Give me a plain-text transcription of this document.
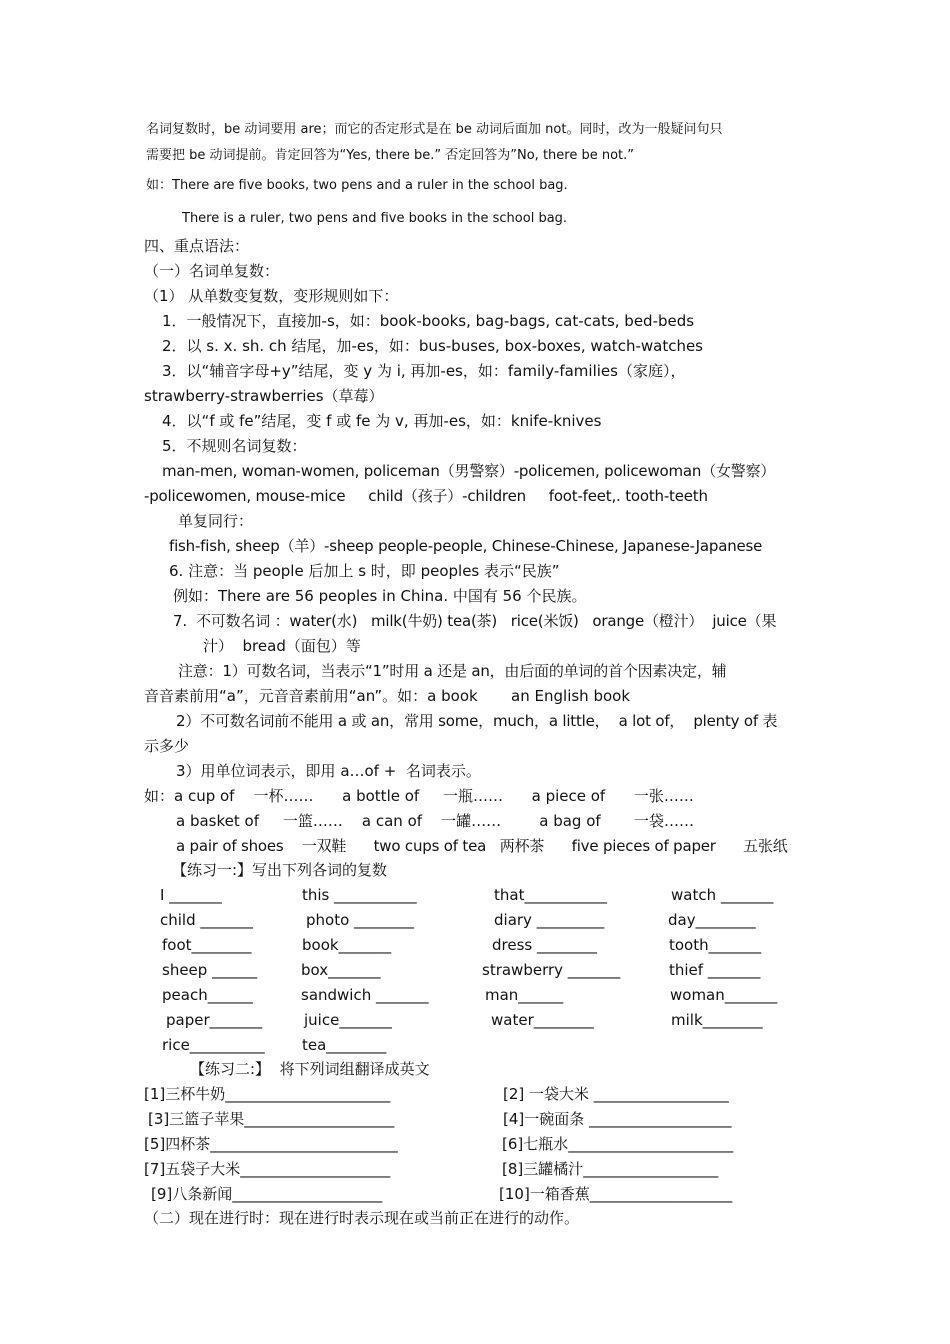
名词复数时，be 动词要用 are；而它的否定形式是在 be 动词后面加 not。同时，改为一般疑问句只
需要把 be 动词提前。肯定回答为“Yes, there be.” 否定回答为”No, there be not.”
如：There are five books, two pens and a ruler in the school bag.
There is a ruler, two pens and five books in the school bag.
四、重点语法：
（一）名词单复数：
（1） 从单数变复数，变形规则如下：
1．一般情况下，直接加-s，如：book-books, bag-bags, cat-cats, bed-beds
2．以 s. x. sh. ch 结尾，加-es，如：bus-buses, box-boxes, watch-watches
3．以“辅音字母+y”结尾，变 y 为 i, 再加-es，如：family-families（家庭），
strawberry-strawberries（草莓）
4．以“f 或 fe”结尾，变 f 或 fe 为 v, 再加-es，如：knife-knives
5．不规则名词复数：
man-men, woman-women, policeman（男警察）-policemen, policewoman（女警察）
-policewomen, mouse-mice     child（孩子）-children     foot-feet,. tooth-teeth
单复同行：
fish-fish, sheep（羊）-sheep people-people, Chinese-Chinese, Japanese-Japanese
6. 注意：当 people 后加上 s 时，即 peoples 表示“民族”
例如：There are 56 peoples in China. 中国有 56 个民族。
7.  不可数名词 ：water(水)   milk(牛奶) tea(茶)   rice(米饭)   orange（橙汁）  juice（果
汁）  bread（面包）等
注意：1）可数名词，当表示“1”时用 a 还是 an，由后面的单词的首个因素决定，辅
音音素前用“a”，元音音素前用“an”。如：a book       an English book
2）不可数名词前不能用 a 或 an，常用 some，much，a little，  a lot of，  plenty of 表
示多少
3）用单位词表示，即用 a…of +  名词表示。
如：a cup of    一杯……      a bottle of     一瓶……      a piece of      一张……
a basket of     一篮……    a can of    一罐……        a bag of       一袋……
a pair of shoes    一双鞋      two cups of tea   两杯茶      five pieces of paper      五张纸
【练习一:】写出下列各词的复数
I _______	this ___________	that___________	watch _______
child _______	photo ________	diary _________	day________
foot________	book_______	dress ________	tooth_______
sheep ______	box_______	strawberry _______	thief _______
peach______	sandwich _______	man______	woman_______
paper_______	juice_______	water________	milk________
rice__________ tea________
【练习二:】  将下列词组翻译成英文
[1]三杯牛奶______________________	[2] 一袋大米 __________________
[3]三篮子苹果____________________	[4]一碗面条 ___________________
[5]四杯茶_________________________	[6]七瓶水______________________
[7]五袋子大米____________________	[8]三罐橘汁__________________
[9]八条新闻____________________	[10]一箱香蕉___________________
（二）现在进行时：现在进行时表示现在或当前正在进行的动作。
